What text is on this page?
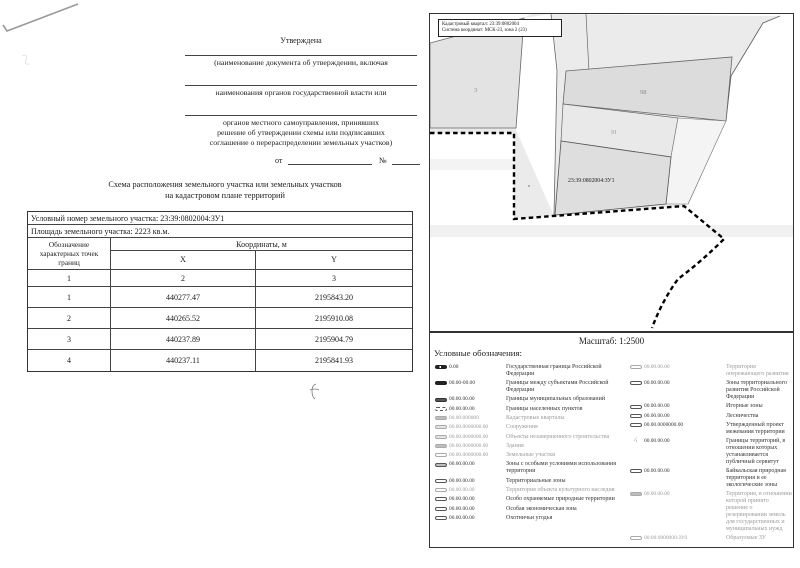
Утверждена
(наименование документа об утверждении, включая
наименования органов государственной власти или
органов местного самоуправления, принявших
решение об утверждении схемы или подписавших
соглашение о перераспределении земельных участков)
от	№
Схема расположения земельного участка или земельных участков
на кадастровом плане территорий
Условный номер земельного участка: 23:39:0802004:ЗУ1
Площадь земельного участка: 2223 кв.м.
Обозначение характерных точек границ
Координаты, м
X	Y
1	2	3
1	440277.47	2195843.20
2	440265.52	2195910.08
3	440237.89	2195904.79
4	440237.11	2195841.93
3	98
91
23:39:0802004:ЗУ1
Кадастровый квартал: 23:39:0802004
Система координат: МСК-23, зона 2 (23)
Масштаб: 1:2500
Условные обозначения:
0.00	Государственная граница Российской Федерации
00.00-00.00	Границы между субъектами Российской Федерации
00.00.00.00	Границы муниципальных образований
00.00.00.00	Границы населенных пунктов
00.00:000000	Кадастровые кварталы
00.00.0000000.00	Сооружения
00.00.0000000.00	Объекты незавершенного строительства
00.00.0000000.00	Здания
00.00.0000000.00	Земельные участки
00.00.00.00	Зоны с особыми условиями использования территории
00.00.00.00	Территориальные зоны
00.00.00.00	Территория объекта культурного наследия
00.00.00.00	Особо охраняемые природные территории
00.00.00.00	Особая экономическая зона
00.00.00.00	Охотничьи угодья
00.00.00.00	Территория опережающего развития
00.00.00.00	Зоны территориального развития Российской Федерации
00.00.00.00	Игорные зоны
00.00.00.00	Лесничества
00.00.0000000.00	Утвержденный проект межевания территории
∕,	00.00.00.00	Границы территорий, в отношении которых устанавливается публичный сервитут
00.00.00.00	Байкальская природная территория и ее экологические зоны
00.00.00.00	Территория, в отношении которой принято решение о резервировании земель для государственных и муниципальных нужд
00:00:0000000:ЗУ0	Образуемые ЗУ
